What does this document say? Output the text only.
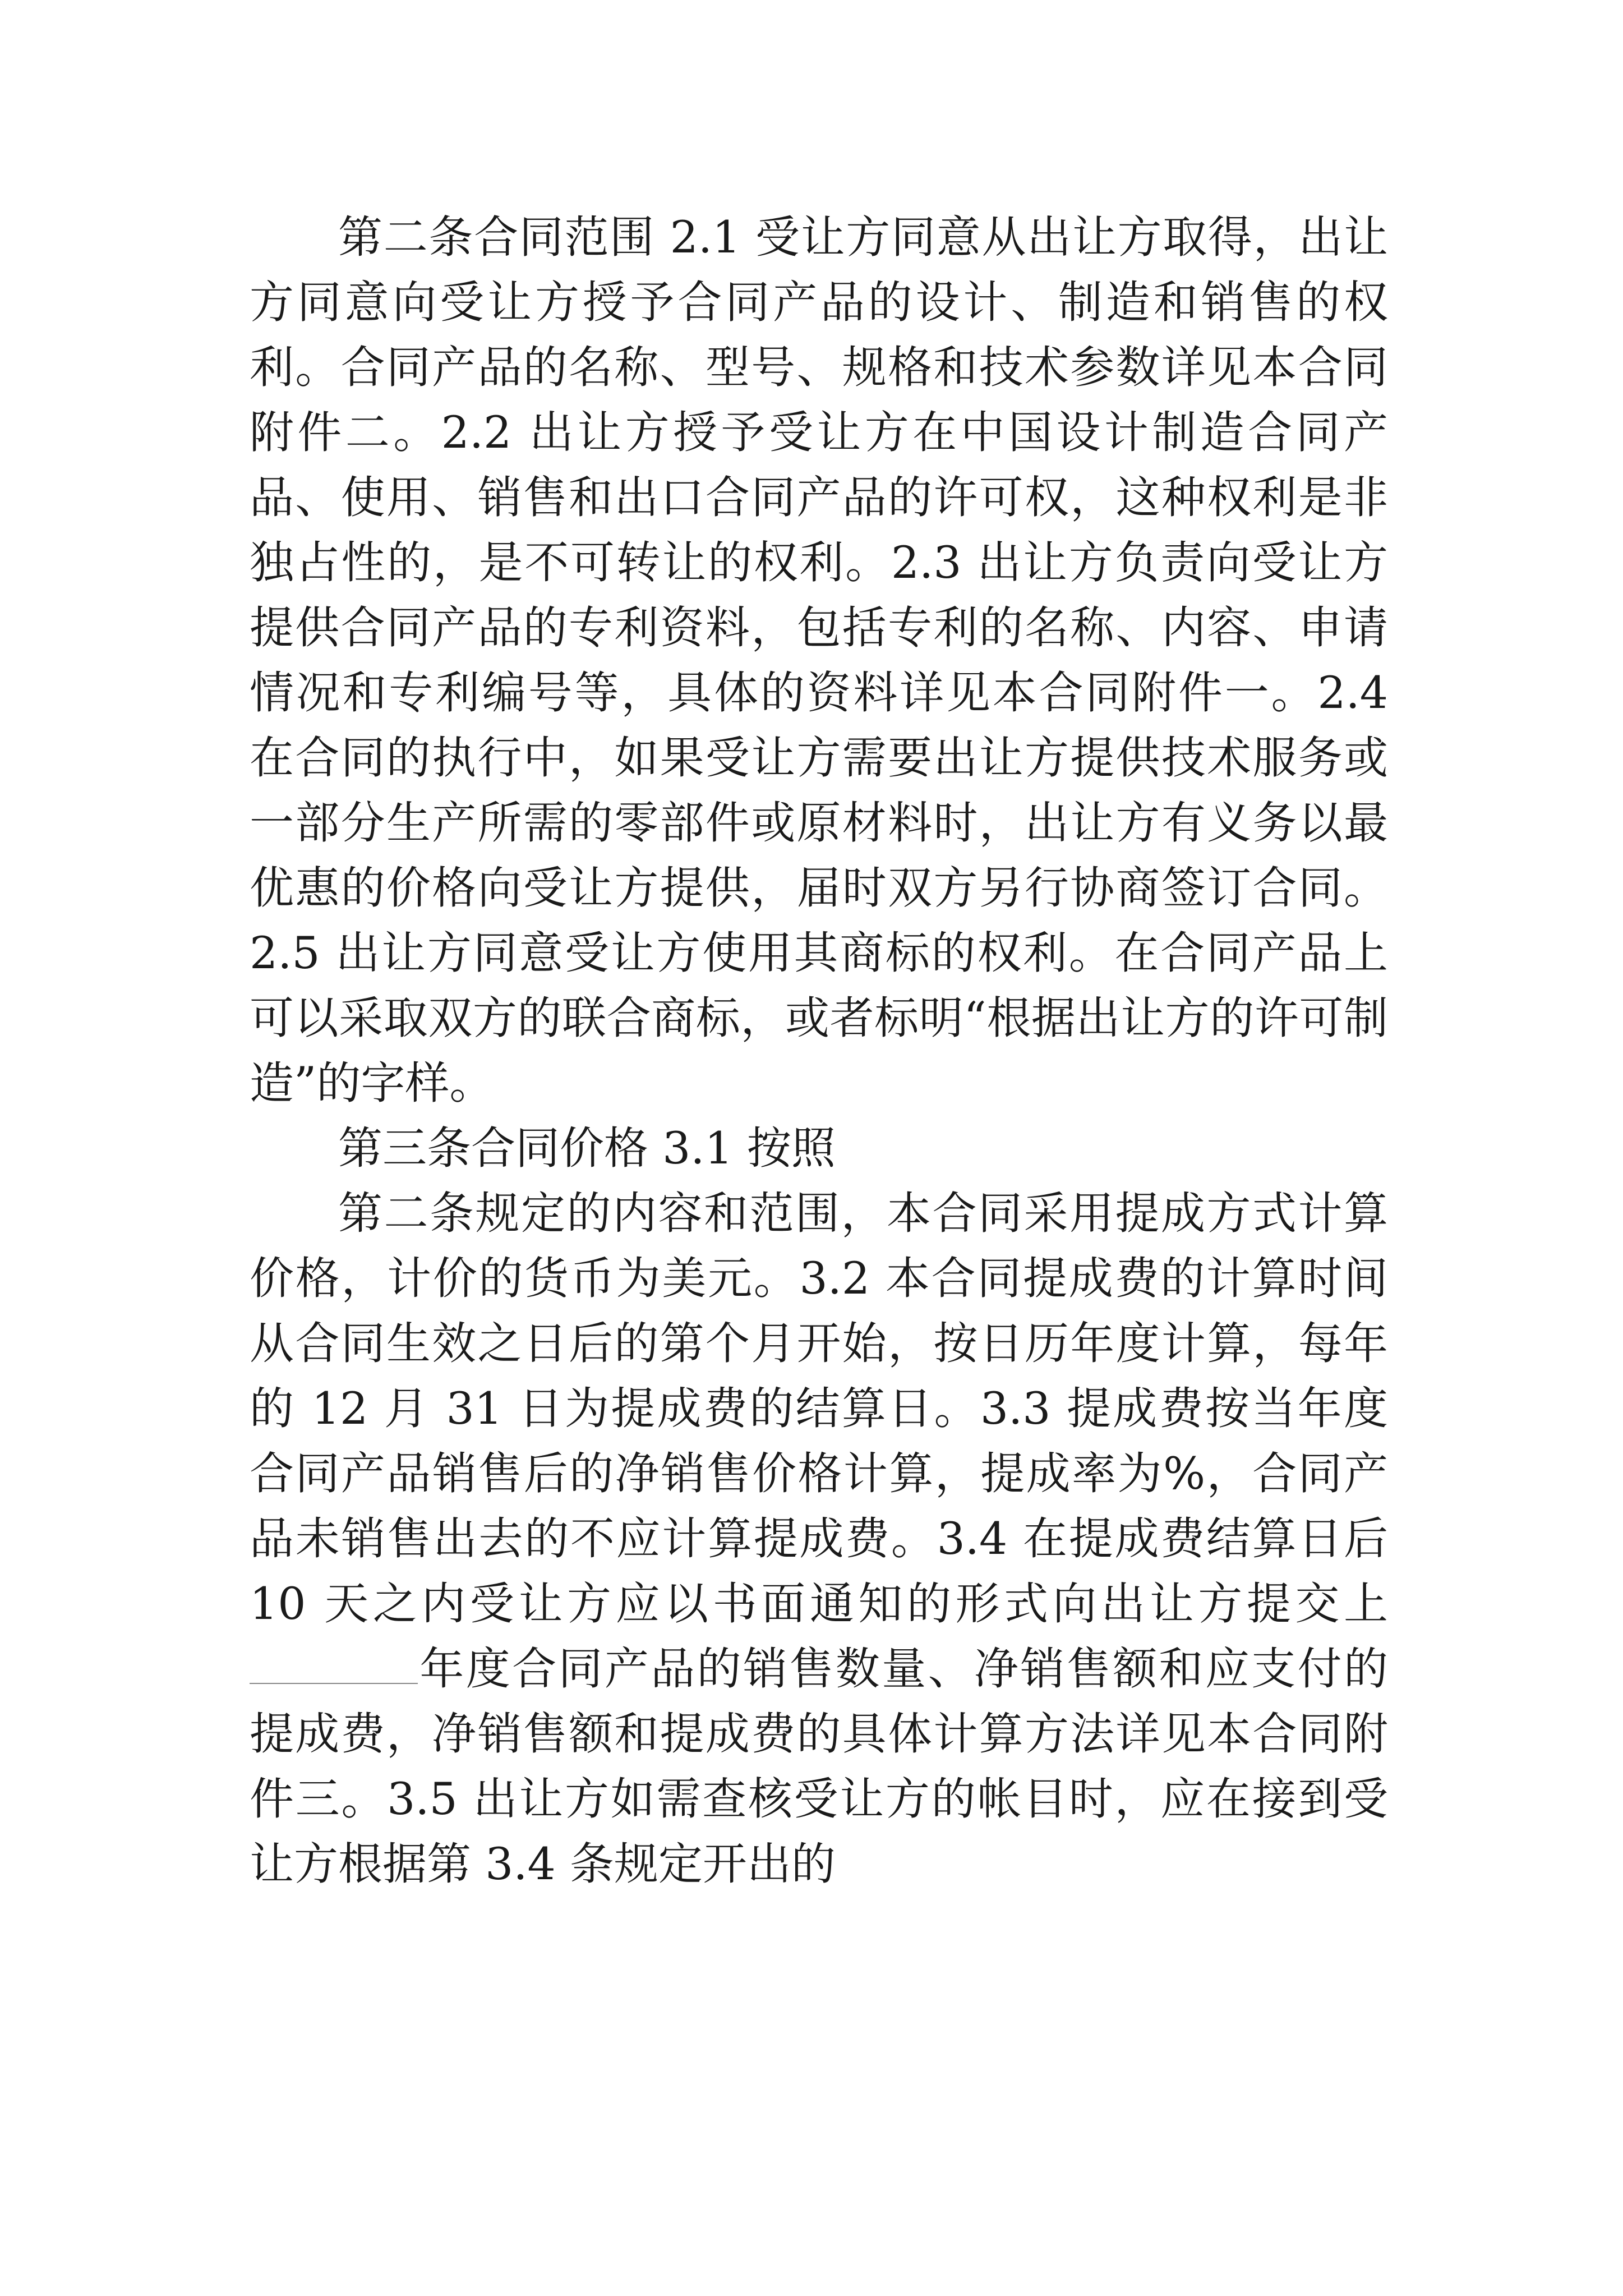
第二条合同范围 2.1 受让方同意从出让方取得，出让方同意向受让方授予合同产品的设计、制造和销售的权利。合同产品的名称、型号、规格和技术参数详见本合同附件二。2.2 出让方授予受让方在中国设计制造合同产品、使用、销售和出口合同产品的许可权，这种权利是非独占性的，是不可转让的权利。2.3 出让方负责向受让方提供合同产品的专利资料，包括专利的名称、内容、申请情况和专利编号等，具体的资料详见本合同附件一。2.4 在合同的执行中，如果受让方需要出让方提供技术服务或一部分生产所需的零部件或原材料时，出让方有义务以最优惠的价格向受让方提供，届时双方另行协商签订合同。2.5 出让方同意受让方使用其商标的权利。在合同产品上可以采取双方的联合商标，或者标明“根据出让方的许可制造”的字样。

第三条合同价格 3.1 按照

第二条规定的内容和范围，本合同采用提成方式计算价格，计价的货币为美元。3.2 本合同提成费的计算时间从合同生效之日后的第个月开始，按日历年度计算，每年的 12 月 31 日为提成费的结算日。3.3 提成费按当年度合同产品销售后的净销售价格计算，提成率为%，合同产品未销售出去的不应计算提成费。3.4 在提成费结算日后 10 天之内受让方应以书面通知的形式向出让方提交上年度合同产品的销售数量、净销售额和应支付的提成费，净销售额和提成费的具体计算方法详见本合同附件三。3.5 出让方如需查核受让方的帐目时，应在接到受让方根据第 3.4 条规定开出的
